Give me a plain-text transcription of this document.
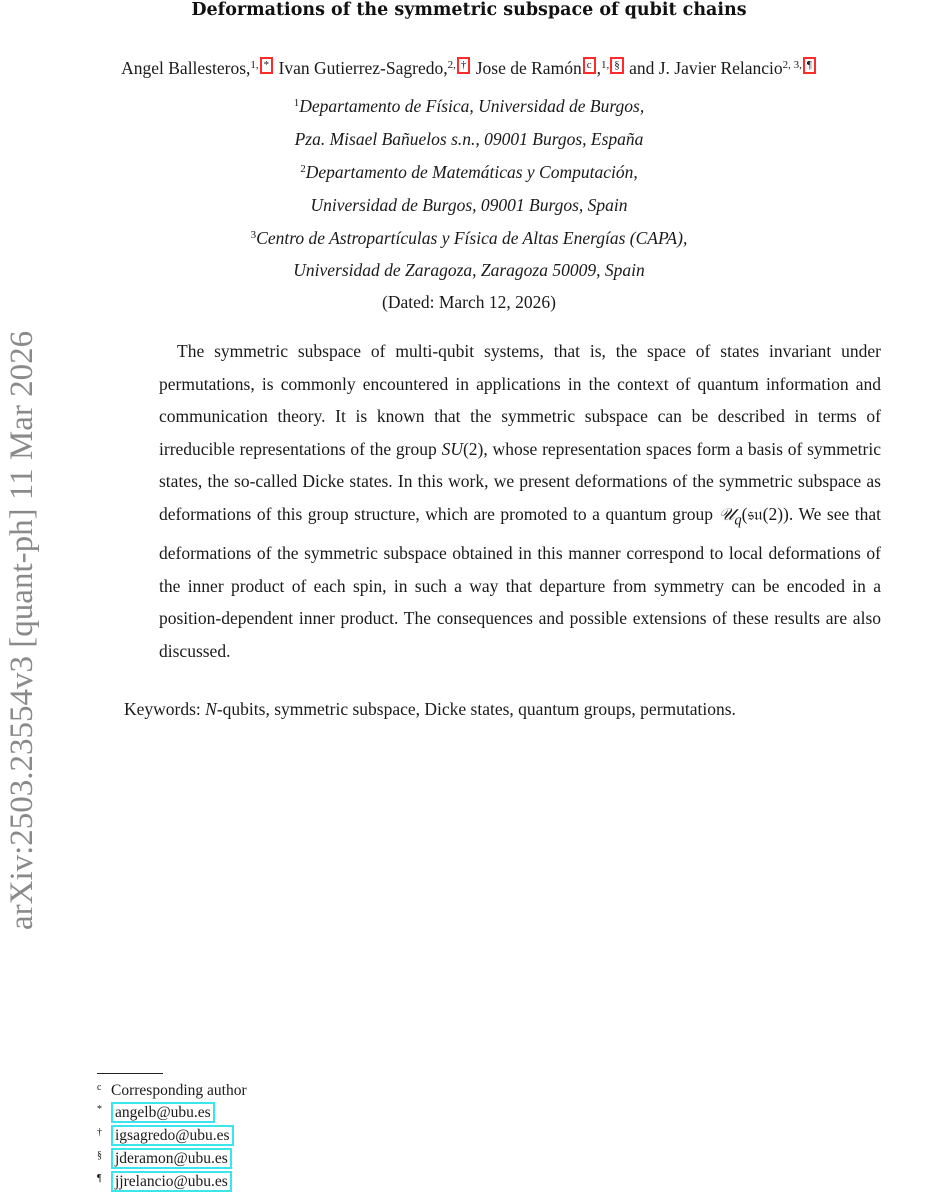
arXiv:2503.23554v3 [quant-ph] 11 Mar 2026
Deformations of the symmetric subspace of qubit chains
Angel Ballesteros,$^{1,}$ * Ivan Gutierrez-Sagredo,$^{2,}$ † Jose de Ramón c ,$^{1,}$ § and J. Javier Relancio$^{2, 3,}$ ¶
$^1$Departamento de Física, Universidad de Burgos,
Pza. Misael Bañuelos s.n., 09001 Burgos, España
$^2$Departamento de Matemáticas y Computación,
Universidad de Burgos, 09001 Burgos, Spain
$^3$Centro de Astropartículas y Física de Altas Energías (CAPA),
Universidad de Zaragoza, Zaragoza 50009, Spain
(Dated: March 12, 2026)
The symmetric subspace of multi-qubit systems, that is, the space of states invariant under permutations, is commonly encountered in applications in the context of quantum information and communication theory. It is known that the symmetric subspace can be described in terms of irreducible representations of the group SU(2), whose representation spaces form a basis of symmetric states, the so-called Dicke states. In this work, we present deformations of the symmetric subspace as deformations of this group structure, which are promoted to a quantum group 𝒰$_q$(𝔰𝔲(2)). We see that deformations of the symmetric subspace obtained in this manner correspond to local deformations of the inner product of each spin, in such a way that departure from symmetry can be encoded in a position-dependent inner product. The consequences and possible extensions of these results are also discussed.
Keywords: N-qubits, symmetric subspace, Dicke states, quantum groups, permutations.
c Corresponding author
* angelb@ubu.es
† igsagredo@ubu.es
§ jderamon@ubu.es
¶ jjrelancio@ubu.es
